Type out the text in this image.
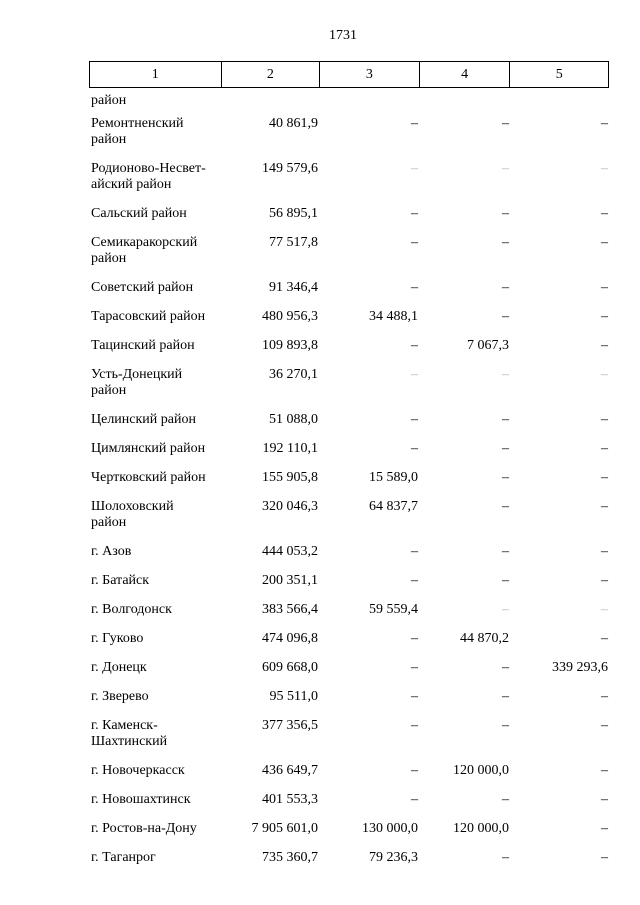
1731
1	2	3	4	5
район
Ремонтненский
район
40 861,9	–	–	–
Родионово-Несвет-
айский район
149 579,6	–	–	–
Сальский район	56 895,1	–	–	–
Семикаракорский
район
77 517,8	–	–	–
Советский район	91 346,4	–	–	–
Тарасовский район	480 956,3	34 488,1	–	–
Тацинский район	109 893,8	–	7 067,3	–
Усть-Донецкий
район
36 270,1	–	–	–
Целинский район	51 088,0	–	–	–
Цимлянский район	192 110,1	–	–	–
Чертковский район	155 905,8	15 589,0	–	–
Шолоховский
район
320 046,3	64 837,7	–	–
г. Азов	444 053,2	–	–	–
г. Батайск	200 351,1	–	–	–
г. Волгодонск	383 566,4	59 559,4	–	–
г. Гуково	474 096,8	–	44 870,2	–
г. Донецк	609 668,0	–	–	339 293,6
г. Зверево	95 511,0	–	–	–
г. Каменск-
Шахтинский
377 356,5	–	–	–
г. Новочеркасск	436 649,7	–	120 000,0	–
г. Новошахтинск	401 553,3	–	–	–
г. Ростов-на-Дону	7 905 601,0	130 000,0	120 000,0	–
г. Таганрог	735 360,7	79 236,3	–	–
